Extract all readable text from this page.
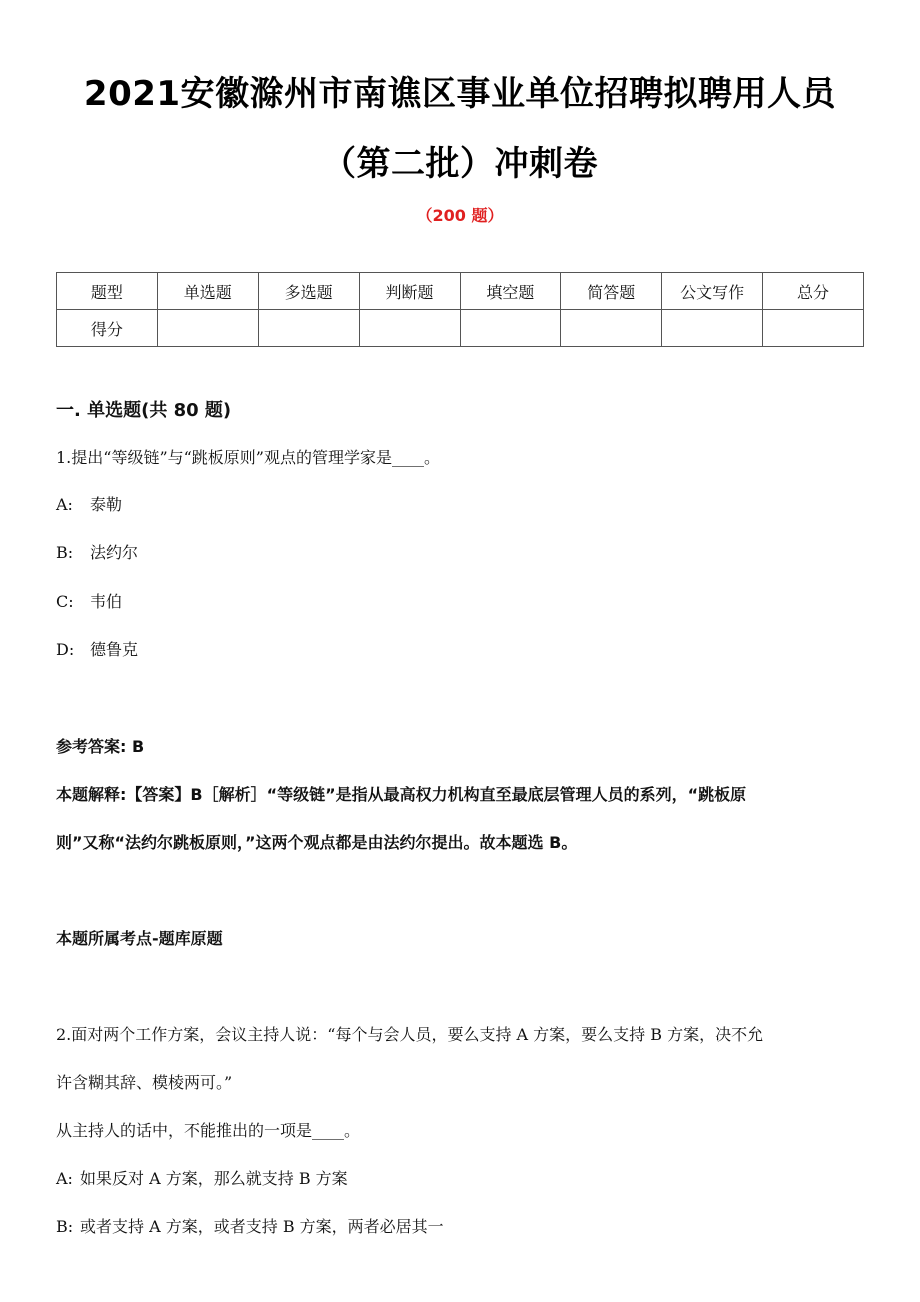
2021安徽滁州市南谯区事业单位招聘拟聘用人员
（第二批）冲刺卷
（200 题）
题型	单选题	多选题	判断题	填空题	简答题	公文写作	总分
得分							
一. 单选题(共 80 题)
1.提出“等级链”与“跳板原则”观点的管理学家是____。
A: 泰勒
B: 法约尔
C: 韦伯
D: 德鲁克
参考答案: B
本题解释:【答案】B［解析］“等级链”是指从最高权力机构直至最底层管理人员的系列，“跳板原
则”又称“法约尔跳板原则，”这两个观点都是由法约尔提出。故本题选 B。
本题所属考点-题库原题
2.面对两个工作方案，会议主持人说：“每个与会人员，要么支持 A 方案，要么支持 B 方案，决不允
许含糊其辞、模棱两可。”
从主持人的话中，不能推出的一项是____。
A: 如果反对 A 方案，那么就支持 B 方案
B: 或者支持 A 方案，或者支持 B 方案，两者必居其一
